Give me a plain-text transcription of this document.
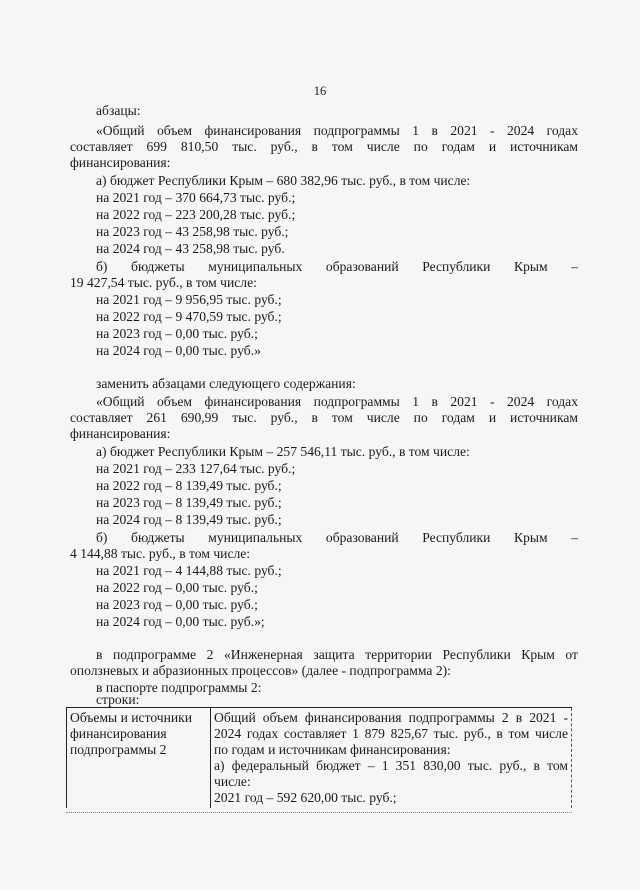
16
абзацы:
«Общий объем финансирования подпрограммы 1 в 2021 - 2024 годах
составляет 699 810,50 тыс. руб., в том числе по годам и источникам
финансирования:
а) бюджет Республики Крым – 680 382,96 тыс. руб., в том числе:
на 2021 год – 370 664,73 тыс. руб.;
на 2022 год – 223 200,28 тыс. руб.;
на 2023 год – 43 258,98 тыс. руб.;
на 2024 год – 43 258,98 тыс. руб.
б) бюджеты муниципальных образований Республики Крым –
19 427,54 тыс. руб., в том числе:
на 2021 год – 9 956,95 тыс. руб.;
на 2022 год – 9 470,59 тыс. руб.;
на 2023 год – 0,00 тыс. руб.;
на 2024 год – 0,00 тыс. руб.»
заменить абзацами следующего содержания:
«Общий объем финансирования подпрограммы 1 в 2021 - 2024 годах
составляет 261 690,99 тыс. руб., в том числе по годам и источникам
финансирования:
а) бюджет Республики Крым – 257 546,11 тыс. руб., в том числе:
на 2021 год – 233 127,64 тыс. руб.;
на 2022 год – 8 139,49 тыс. руб.;
на 2023 год – 8 139,49 тыс. руб.;
на 2024 год – 8 139,49 тыс. руб.;
б) бюджеты муниципальных образований Республики Крым –
4 144,88 тыс. руб., в том числе:
на 2021 год – 4 144,88 тыс. руб.;
на 2022 год – 0,00 тыс. руб.;
на 2023 год – 0,00 тыс. руб.;
на 2024 год – 0,00 тыс. руб.»;
в подпрограмме 2 «Инженерная защита территории Республики Крым от
оползневых и абразионных процессов» (далее - подпрограмма 2):
в паспорте подпрограммы 2:
строки:
Объемы и источники
финансирования
подпрограммы 2

Общий объем финансирования подпрограммы 2 в 2021 -
2024 годах составляет 1 879 825,67 тыс. руб., в том числе
по годам и источникам финансирования:
а) федеральный бюджет – 1 351 830,00 тыс. руб., в том
числе:
2021 год – 592 620,00 тыс. руб.;
